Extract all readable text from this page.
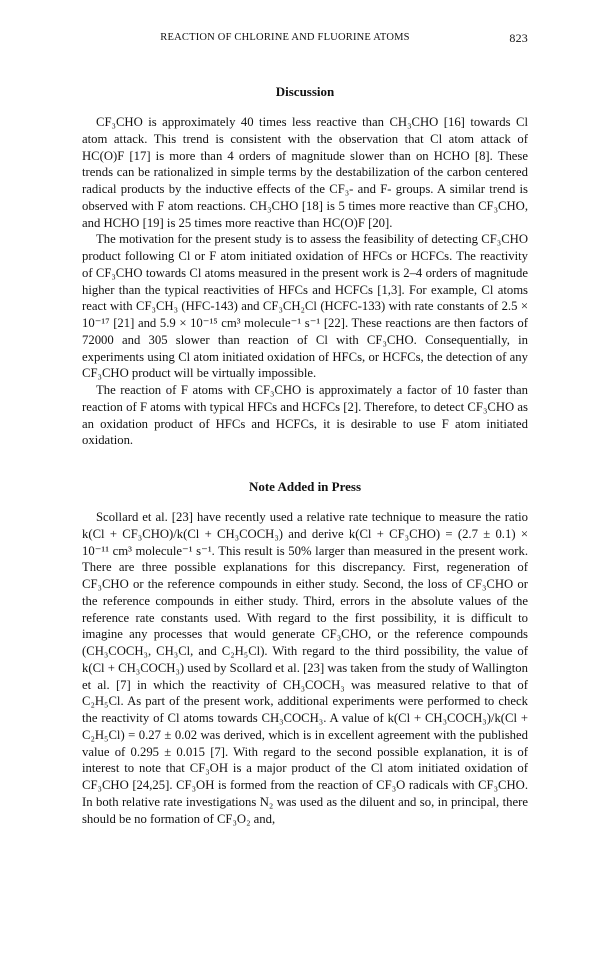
REACTION OF CHLORINE AND FLUORINE ATOMS	823
Discussion

CF₃CHO is approximately 40 times less reactive than CH₃CHO [16] towards Cl atom attack. This trend is consistent with the observation that Cl atom attack of HC(O)F [17] is more than 4 orders of magnitude slower than on HCHO [8]. These trends can be rationalized in simple terms by the destabilization of the carbon centered radical products by the inductive effects of the CF₃- and F- groups. A similar trend is observed with F atom reactions. CH₃CHO [18] is 5 times more reactive than CF₃CHO, and HCHO [19] is 25 times more reactive than HC(O)F [20].

The motivation for the present study is to assess the feasibility of detecting CF₃CHO product following Cl or F atom initiated oxidation of HFCs or HCFCs. The reactivity of CF₃CHO towards Cl atoms measured in the present work is 2–4 orders of magnitude higher than the typical reactivities of HFCs and HCFCs [1,3]. For example, Cl atoms react with CF₃CH₃ (HFC-143) and CF₃CH₂Cl (HCFC-133) with rate constants of 2.5 × 10⁻¹⁷ [21] and 5.9 × 10⁻¹⁵ cm³ molecule⁻¹ s⁻¹ [22]. These reactions are then factors of 72000 and 305 slower than reaction of Cl with CF₃CHO. Consequentially, in experiments using Cl atom initiated oxidation of HFCs, or HCFCs, the detection of any CF₃CHO product will be virtually impossible.

The reaction of F atoms with CF₃CHO is approximately a factor of 10 faster than reaction of F atoms with typical HFCs and HCFCs [2]. Therefore, to detect CF₃CHO as an oxidation product of HFCs and HCFCs, it is desirable to use F atom initiated oxidation.

Note Added in Press

Scollard et al. [23] have recently used a relative rate technique to measure the ratio k(Cl + CF₃CHO)/k(Cl + CH₃COCH₃) and derive k(Cl + CF₃CHO) = (2.7 ± 0.1) × 10⁻¹¹ cm³ molecule⁻¹ s⁻¹. This result is 50% larger than measured in the present work. There are three possible explanations for this discrepancy. First, regeneration of CF₃CHO or the reference compounds in either study. Second, the loss of CF₃CHO or the reference compounds in either study. Third, errors in the absolute values of the reference rate constants used. With regard to the first possibility, it is difficult to imagine any processes that would generate CF₃CHO, or the reference compounds (CH₃COCH₃, CH₃Cl, and C₂H₅Cl). With regard to the third possibility, the value of k(Cl + CH₃COCH₃) used by Scollard et al. [23] was taken from the study of Wallington et al. [7] in which the reactivity of CH₃COCH₃ was measured relative to that of C₂H₅Cl. As part of the present work, additional experiments were performed to check the reactivity of Cl atoms towards CH₃COCH₃. A value of k(Cl + CH₃COCH₃)/k(Cl + C₂H₅Cl) = 0.27 ± 0.02 was derived, which is in excellent agreement with the published value of 0.295 ± 0.015 [7]. With regard to the second possible explanation, it is of interest to note that CF₃OH is a major product of the Cl atom initiated oxidation of CF₃CHO [24,25]. CF₃OH is formed from the reaction of CF₃O radicals with CF₃CHO. In both relative rate investigations N₂ was used as the diluent and so, in principal, there should be no formation of CF₃O₂ and,
